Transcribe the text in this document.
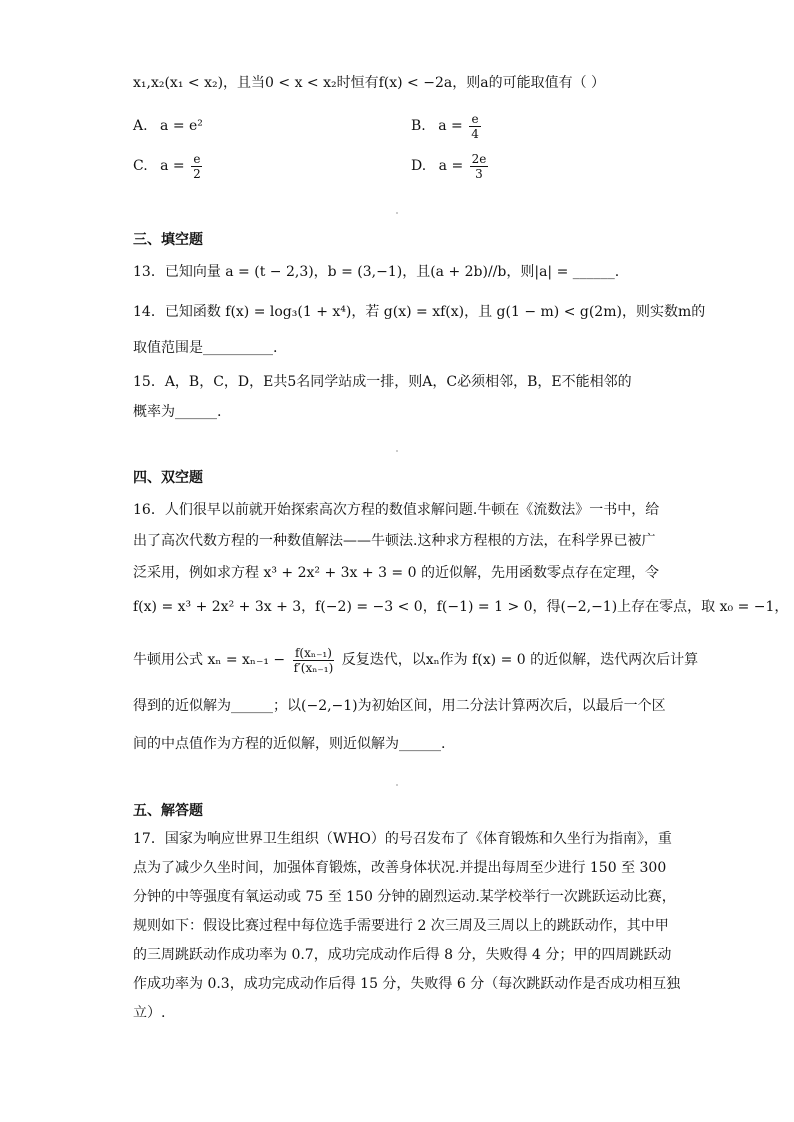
x₁,x₂(x₁ < x₂)，且当0 < x < x₂时恒有f(x) < −2a，则a的可能取值有（ ）
A. a = e²	B. $a = \frac{e}{4}$
C. $a = \frac{e}{2}$	D. $a = \frac{2e}{3}$
三、填空题
13．已知向量 a = (t − 2,3)，b = (3,−1)，且(a + 2b)//b，则|a| = ______.
14．已知函数 f(x) = log₃(1 + x⁴)，若 g(x) = xf(x)，且 g(1 − m) < g(2m)，则实数m的
取值范围是__________.
15．A，B，C，D，E共5名同学站成一排，则A，C必须相邻，B，E不能相邻的
概率为______.
四、双空题
16．人们很早以前就开始探索高次方程的数值求解问题.牛顿在《流数法》一书中，给
出了高次代数方程的一种数值解法——牛顿法.这种求方程根的方法，在科学界已被广
泛采用，例如求方程 x³ + 2x² + 3x + 3 = 0 的近似解，先用函数零点存在定理，令
f(x) = x³ + 2x² + 3x + 3，f(−2) = −3 < 0，f(−1) = 1 > 0，得(−2,−1)上存在零点，取 x₀ = −1，
牛顿用公式 $x_n = x_{n-1} - \frac{\text{f(xₙ₋₁)}}{\text{f′(xₙ₋₁)}}$ 反复迭代，以xₙ作为 f(x) = 0 的近似解，迭代两次后计算
得到的近似解为______；以(−2,−1)为初始区间，用二分法计算两次后，以最后一个区
间的中点值作为方程的近似解，则近似解为______.
五、解答题
17．国家为响应世界卫生组织（WHO）的号召发布了《体育锻炼和久坐行为指南》，重
点为了减少久坐时间，加强体育锻炼，改善身体状况.并提出每周至少进行 150 至 300
分钟的中等强度有氧运动或 75 至 150 分钟的剧烈运动.某学校举行一次跳跃运动比赛，
规则如下：假设比赛过程中每位选手需要进行 2 次三周及三周以上的跳跃动作，其中甲
的三周跳跃动作成功率为 0.7，成功完成动作后得 8 分，失败得 4 分；甲的四周跳跃动
作成功率为 0.3，成功完成动作后得 15 分，失败得 6 分（每次跳跃动作是否成功相互独
立）.
